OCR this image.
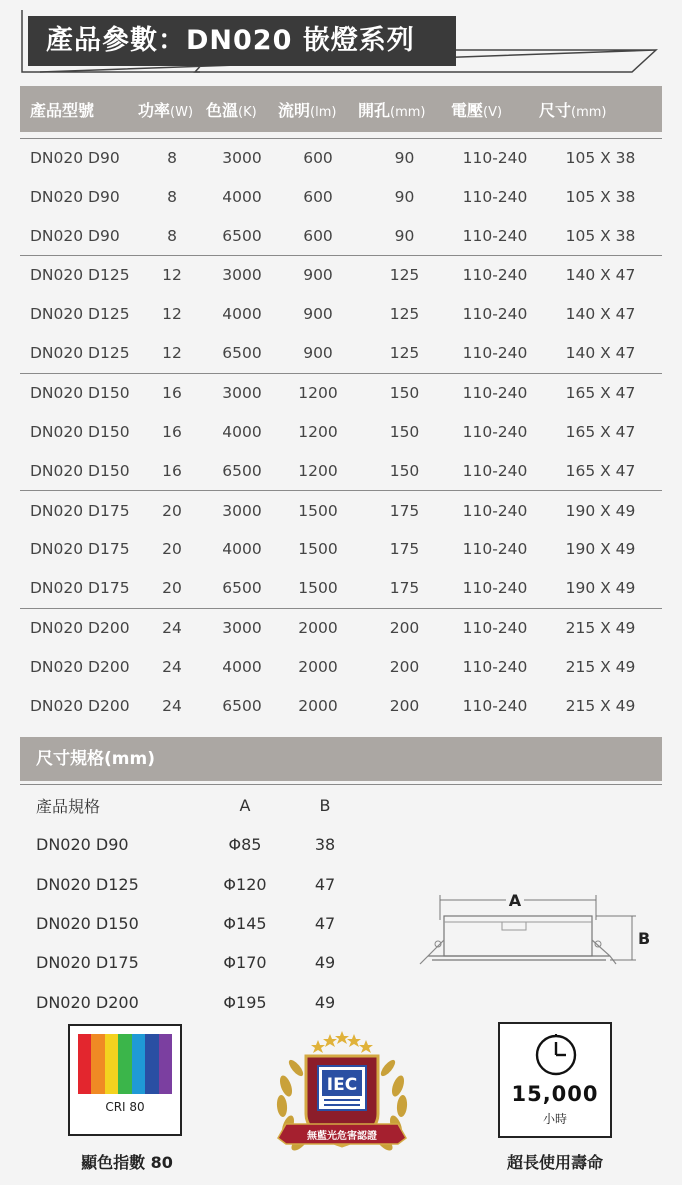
產品參數：DN020 嵌燈系列
產品型號	功率(W)	色溫(K)	流明(lm)	開孔(mm)	電壓(V)	尺寸(mm)

DN020 D90	8	3000	600	90	110-240	105 X 38
DN020 D90	8	4000	600	90	110-240	105 X 38
DN020 D90	8	6500	600	90	110-240	105 X 38
DN020 D125	12	3000	900	125	110-240	140 X 47
DN020 D125	12	4000	900	125	110-240	140 X 47
DN020 D125	12	6500	900	125	110-240	140 X 47
DN020 D150	16	3000	1200	150	110-240	165 X 47
DN020 D150	16	4000	1200	150	110-240	165 X 47
DN020 D150	16	6500	1200	150	110-240	165 X 47
DN020 D175	20	3000	1500	175	110-240	190 X 49
DN020 D175	20	4000	1500	175	110-240	190 X 49
DN020 D175	20	6500	1500	175	110-240	190 X 49
DN020 D200	24	3000	2000	200	110-240	215 X 49
DN020 D200	24	4000	2000	200	110-240	215 X 49
DN020 D200	24	6500	2000	200	110-240	215 X 49
尺寸規格(mm)
產品規格	A	B
DN020 D90	Φ85	38
DN020 D125	Φ120	47
DN020 D150	Φ145	47
DN020 D175	Φ170	49
DN020 D200	Φ195	49
A
B
CRI 80
顯色指數 80
IEC
無藍光危害認證
15,000
小時
超長使用壽命
